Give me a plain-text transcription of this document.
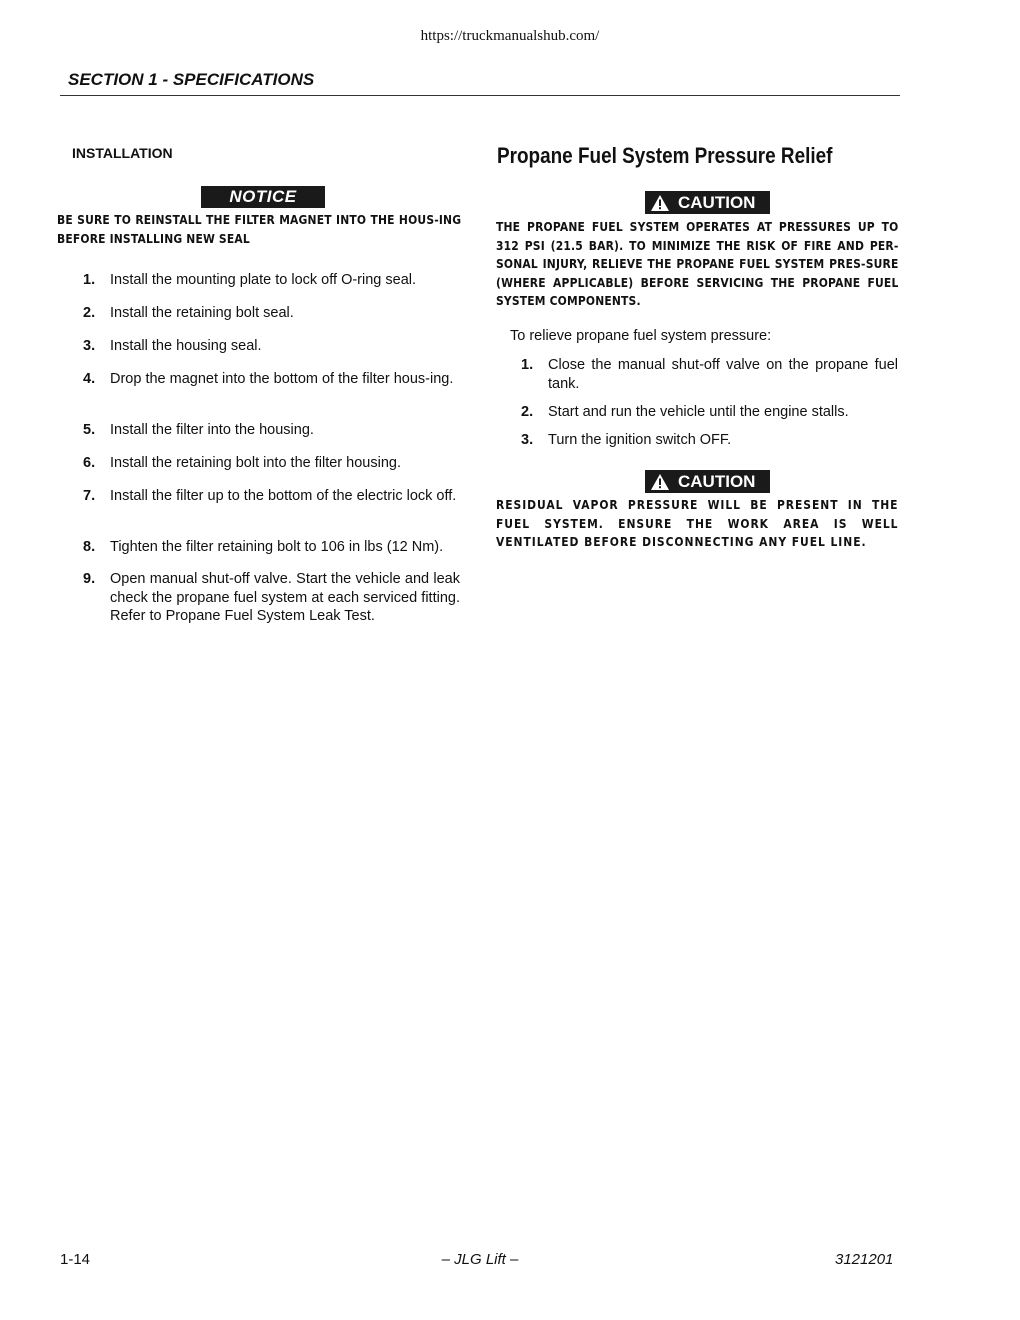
https://truckmanualshub.com/
SECTION 1 - SPECIFICATIONS
INSTALLATION
NOTICE
BE SURE TO REINSTALL THE FILTER MAGNET INTO THE HOUS-ING BEFORE INSTALLING NEW SEAL
1. Install the mounting plate to lock off O-ring seal.
2. Install the retaining bolt seal.
3. Install the housing seal.
4. Drop the magnet into the bottom of the filter hous-ing.
5. Install the filter into the housing.
6. Install the retaining bolt into the filter housing.
7. Install the filter up to the bottom of the electric lock off.
8. Tighten the filter retaining bolt to 106 in lbs (12 Nm).
9. Open manual shut-off valve. Start the vehicle and leak check the propane fuel system at each serviced fitting. Refer to Propane Fuel System Leak Test.
Propane Fuel System Pressure Relief
CAUTION
THE PROPANE FUEL SYSTEM OPERATES AT PRESSURES UP TO 312 PSI (21.5 BAR). TO MINIMIZE THE RISK OF FIRE AND PER-SONAL INJURY, RELIEVE THE PROPANE FUEL SYSTEM PRES-SURE (WHERE APPLICABLE) BEFORE SERVICING THE PROPANE FUEL SYSTEM COMPONENTS.
To relieve propane fuel system pressure:
1. Close the manual shut-off valve on the propane fuel tank.
2. Start and run the vehicle until the engine stalls.
3. Turn the ignition switch OFF.
CAUTION
RESIDUAL VAPOR PRESSURE WILL BE PRESENT IN THE FUEL SYSTEM. ENSURE THE WORK AREA IS WELL VENTILATED BEFORE DISCONNECTING ANY FUEL LINE.
1-14	– JLG Lift –	3121201
